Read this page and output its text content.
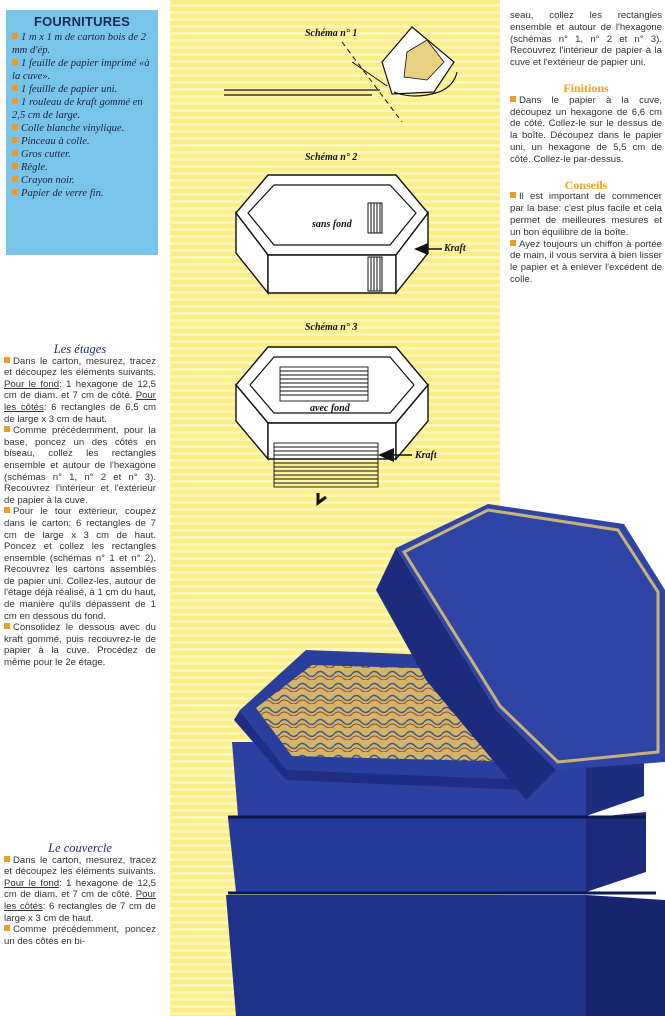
FOURNITURES
1 m x 1 m de carton bois de 2 mm d'ép.
1 feuille de papier imprimé «à la cuve».
1 feuille de papier uni.
1 rouleau de kraft gommé en 2,5 cm de large.
Colle blanche vinylique.
Pinceau à colle.
Gros cutter.
Règle.
Crayon noir.
Papier de verre fin.

Les étages

Dans le carton, mesurez, tracez et découpez les éléments suivants. Pour le fond: 1 hexagone de 12,5 cm de diam. et 7 cm de côté. Pour les côtés: 6 rectangles de 6,5 cm de large x 3 cm de haut.

Comme précédemment, pour la base, poncez un des côtés en biseau, collez les rectangles ensemble et autour de l'hexagone (schémas n° 1, n° 2 et n° 3). Recouvrez l'intérieur et l'extérieur de papier à la cuve.

Pour le tour extérieur, coupez dans le carton: 6 rectangles de 7 cm de large x 3 cm de haut. Poncez et collez les rectangles ensemble (schémas n° 1 et n° 2). Recouvrez les cartons assemblés de papier uni. Collez-les, autour de l'étage déjà réalisé, à 1 cm du haut, de manière qu'ils dépassent de 1 cm en dessous du fond.

Consolidez le dessous avec du kraft gommé, puis recouvrez-le de papier à la cuve. Procédez de même pour le 2e étage.

Le couvercle

Dans le carton, mesurez, tracez et découpez les éléments suivants. Pour le fond: 1 hexagone de 12,5 cm de diam. et 7 cm de côté. Pour les côtés: 6 rectangles de 7 cm de large x 3 cm de haut.

Comme précédemment, poncez un des côtés en bi-

Schéma n° 1
Schéma n° 2
sans fond
Kraft
Schéma n° 3
avec fond
Kraft

seau, collez les rectangles ensemble et autour de l'hexagone (schémas n° 1, n° 2 et n° 3). Recouvrez l'intérieur de papier à la cuve et l'extérieur de papier uni.

Finitions

Dans le papier à la cuve, découpez un hexagone de 6,6 cm de côté. Collez-le sur le dessus de la boîte. Découpez dans le papier uni, un hexagone de 5,5 cm de côté. Collez-le par-dessus.

Conseils

Il est important de commencer par la base: c'est plus facile et cela permet de meilleures mesures et un bon équilibre de la boîte.

Ayez toujours un chiffon à portée de main, il vous servira à bien lisser le papier et à enlever l'excédent de colle.
